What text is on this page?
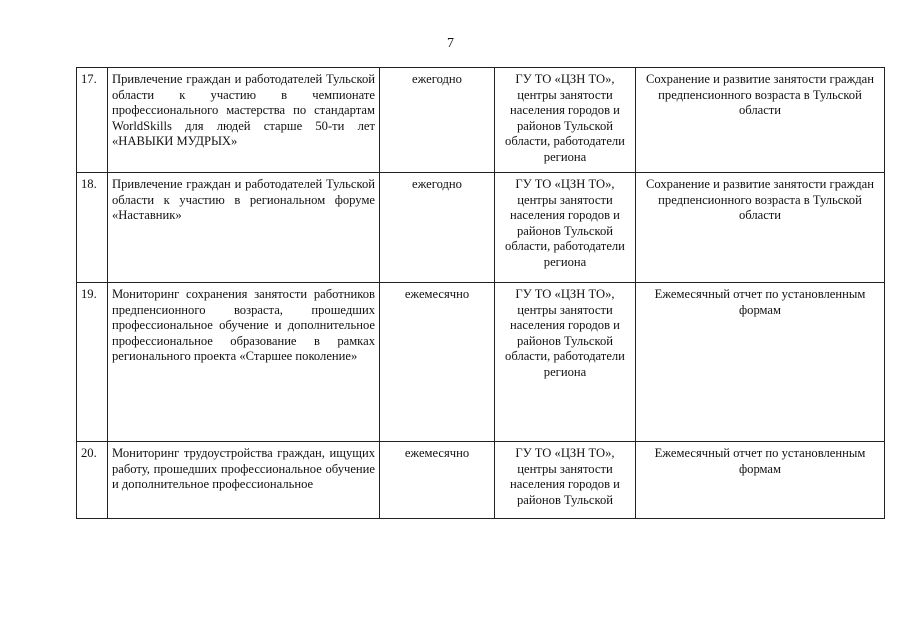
7
17.	Привлечение граждан и работодателей Тульской области к участию в чемпионате профессионального мастерства по стандартам WorldSkills для людей старше 50-ти лет «НАВЫКИ МУДРЫХ»	ежегодно	ГУ ТО «ЦЗН ТО», центры занятости населения городов и районов Тульской области, работодатели региона	Сохранение и развитие занятости граждан предпенсионного возраста в Тульской области
18.	Привлечение граждан и работодателей Тульской области к участию в региональном форуме «Наставник»	ежегодно	ГУ ТО «ЦЗН ТО», центры занятости населения городов и районов Тульской области, работодатели региона	Сохранение и развитие занятости граждан предпенсионного возраста в Тульской области
19.	Мониторинг сохранения занятости работников предпенсионного возраста, прошедших профессиональное обучение и дополнительное профессиональное образование в рамках регионального проекта «Старшее поколение»	ежемесячно	ГУ ТО «ЦЗН ТО», центры занятости населения городов и районов Тульской области, работодатели региона	Ежемесячный отчет по установленным формам
20.	Мониторинг трудоустройства граждан, ищущих работу, прошедших профессиональное обучение и дополнительное профессиональное	ежемесячно	ГУ ТО «ЦЗН ТО», центры занятости населения городов и районов Тульской	Ежемесячный отчет по установленным формам
